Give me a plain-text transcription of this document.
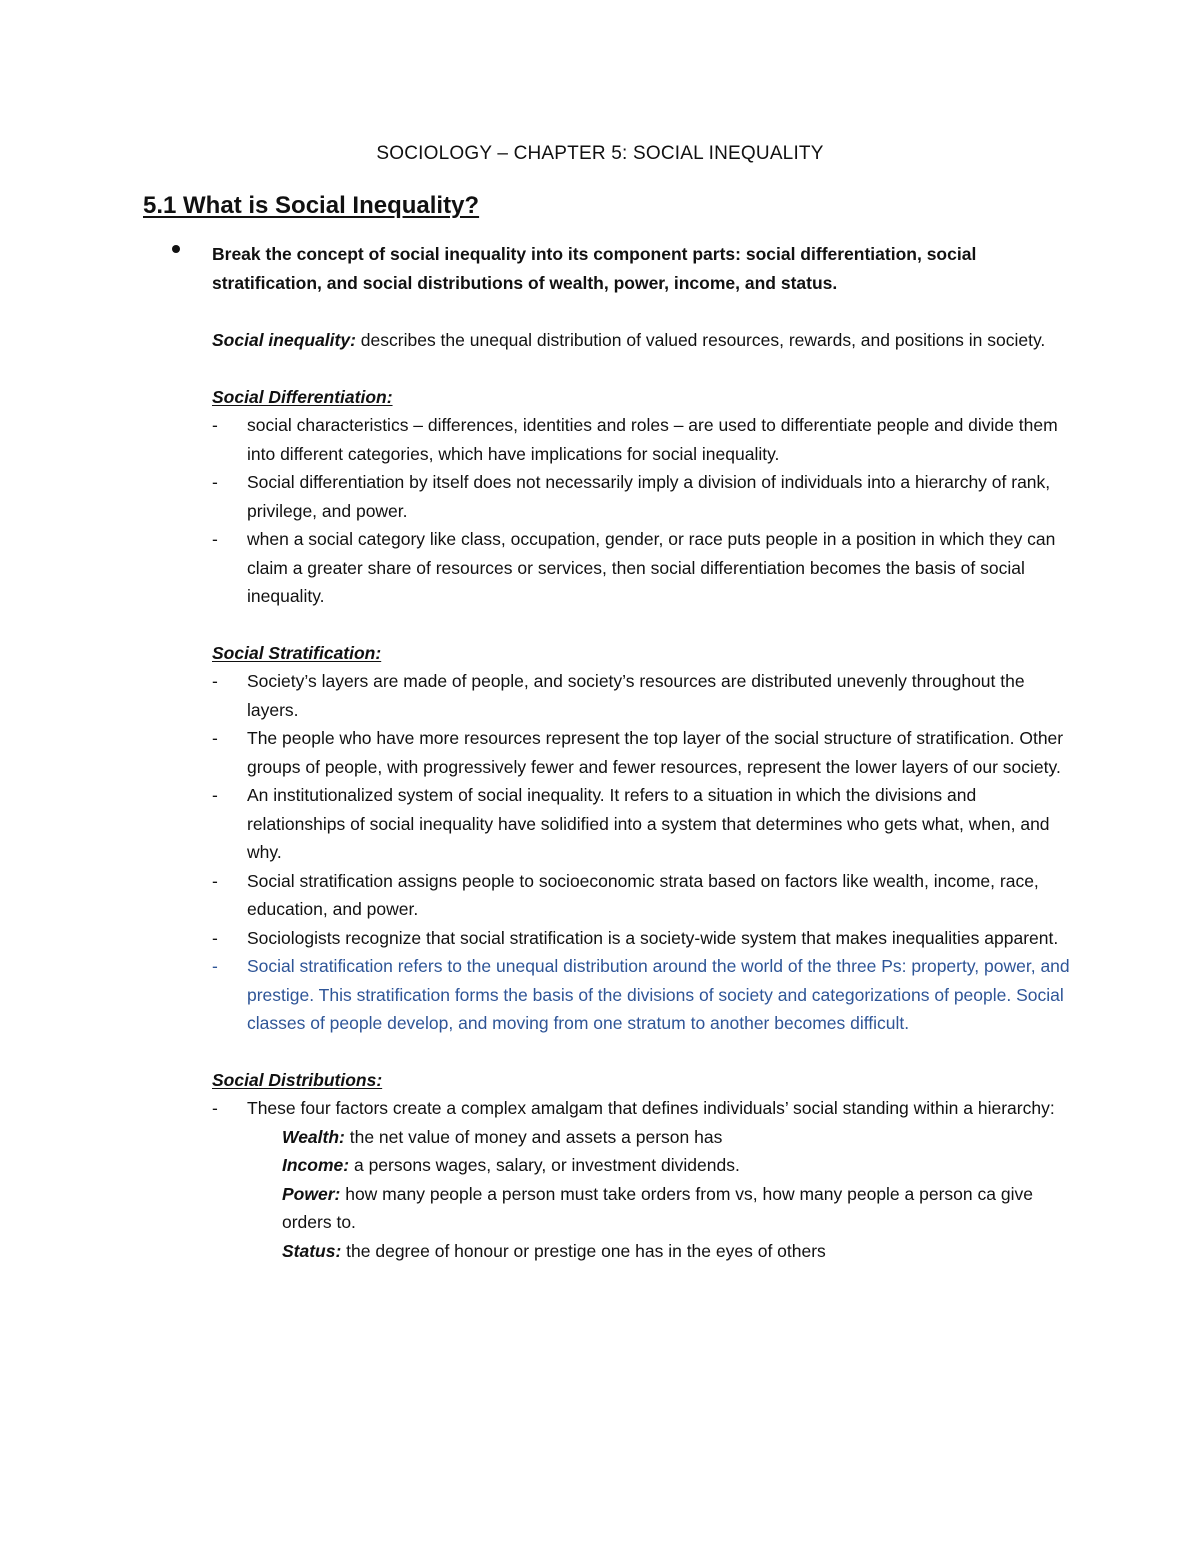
SOCIOLOGY – CHAPTER 5: SOCIAL INEQUALITY
5.1 What is Social Inequality?
Break the concept of social inequality into its component parts: social differentiation, social stratification, and social distributions of wealth, power, income, and status.

Social inequality: describes the unequal distribution of valued resources, rewards, and positions in society.

Social Differentiation:
-	social characteristics – differences, identities and roles – are used to differentiate people and divide them into different categories, which have implications for social inequality.
-	Social differentiation by itself does not necessarily imply a division of individuals into a hierarchy of rank, privilege, and power.
-	when a social category like class, occupation, gender, or race puts people in a position in which they can claim a greater share of resources or services, then social differentiation becomes the basis of social inequality.
Social Stratification:
-	Society’s layers are made of people, and society’s resources are distributed unevenly throughout the layers.
-	The people who have more resources represent the top layer of the social structure of stratification. Other groups of people, with progressively fewer and fewer resources, represent the lower layers of our society.
-	An institutionalized system of social inequality. It refers to a situation in which the divisions and relationships of social inequality have solidified into a system that determines who gets what, when, and why.
-	Social stratification assigns people to socioeconomic strata based on factors like wealth, income, race, education, and power.
-	Sociologists recognize that social stratification is a society-wide system that makes inequalities apparent.
-	Social stratification refers to the unequal distribution around the world of the three Ps: property, power, and prestige. This stratification forms the basis of the divisions of society and categorizations of people. Social classes of people develop, and moving from one stratum to another becomes difficult.
Social Distributions:
-	These four factors create a complex amalgam that defines individuals’ social standing within a hierarchy:

Wealth: the net value of money and assets a person has

Income: a persons wages, salary, or investment dividends.

Power: how many people a person must take orders from vs, how many people a person ca give orders to.

Status: the degree of honour or prestige one has in the eyes of others
